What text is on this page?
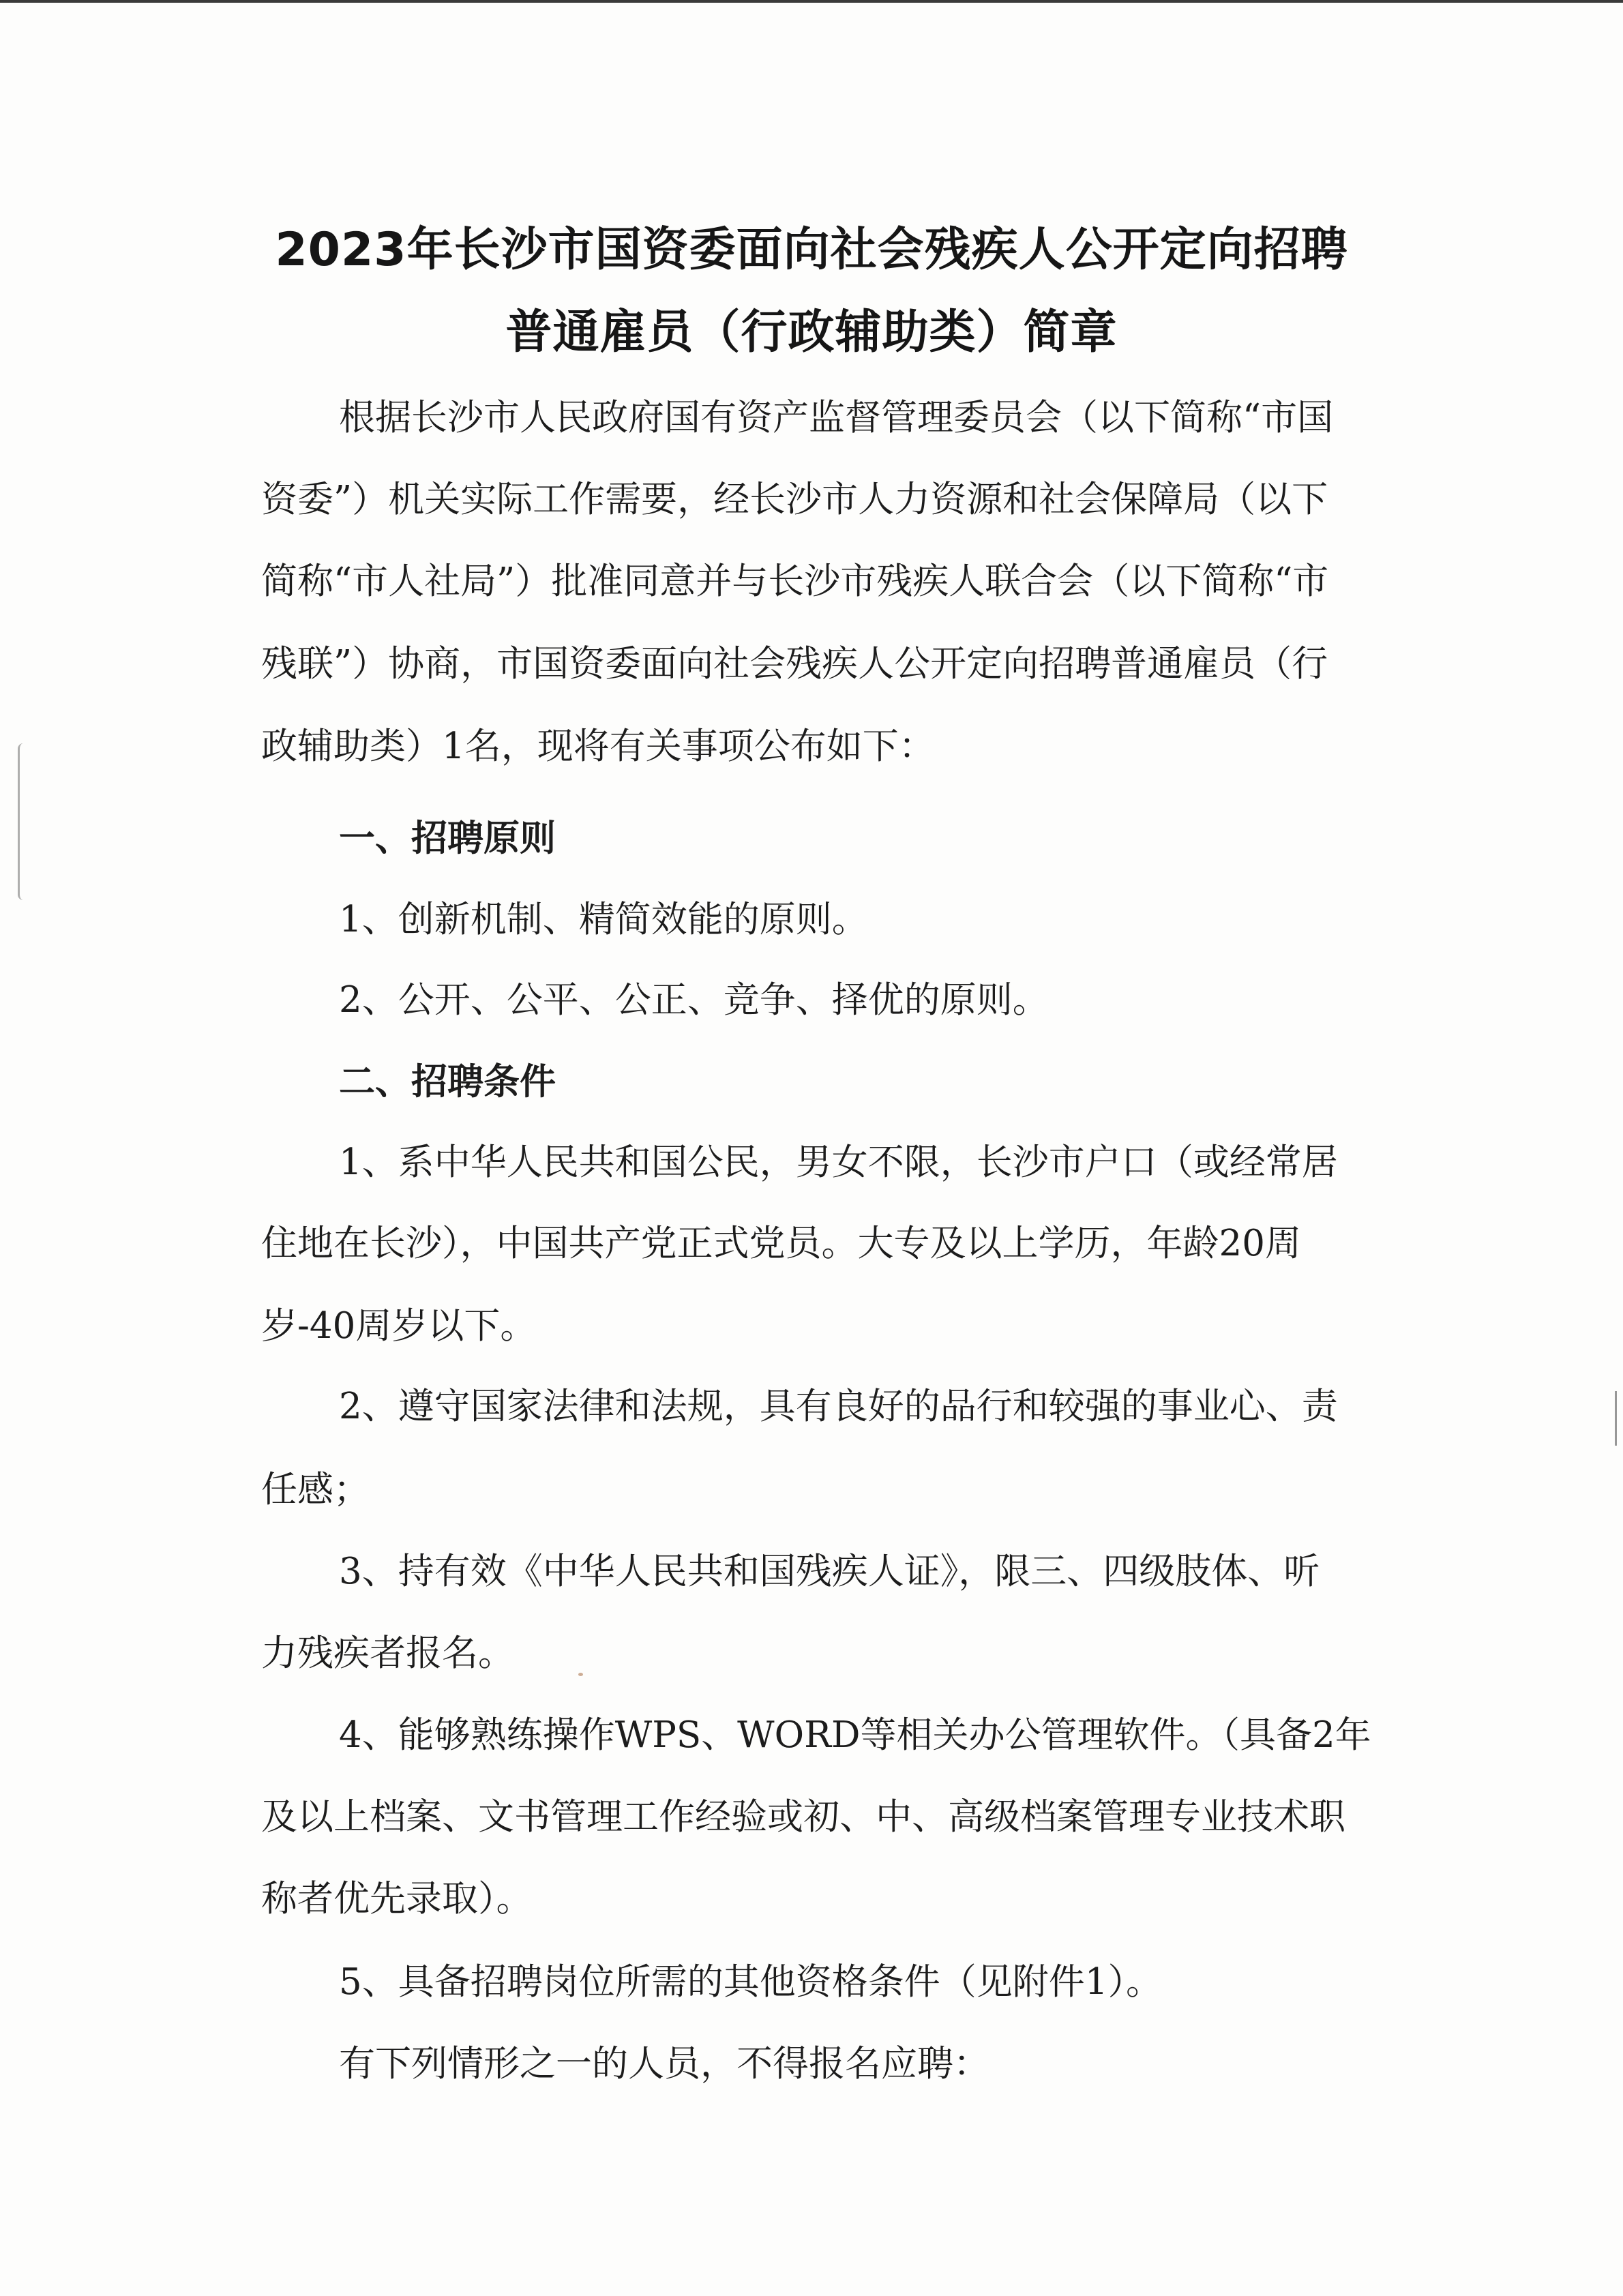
2023年长沙市国资委面向社会残疾人公开定向招聘
普通雇员（行政辅助类）简章
根据长沙市人民政府国有资产监督管理委员会（以下简称“市国
资委”）机关实际工作需要，经长沙市人力资源和社会保障局（以下
简称“市人社局”）批准同意并与长沙市残疾人联合会（以下简称“市
残联”）协商，市国资委面向社会残疾人公开定向招聘普通雇员（行
政辅助类）1名，现将有关事项公布如下：
一、招聘原则
1、创新机制、精简效能的原则。
2、公开、公平、公正、竞争、择优的原则。
二、招聘条件
1、系中华人民共和国公民，男女不限，长沙市户口（或经常居
住地在长沙），中国共产党正式党员。大专及以上学历，年龄20周
岁-40周岁以下。
2、遵守国家法律和法规，具有良好的品行和较强的事业心、责
任感；
3、持有效《中华人民共和国残疾人证》，限三、四级肢体、听
力残疾者报名。
4、能够熟练操作WPS、WORD等相关办公管理软件。（具备2年
及以上档案、文书管理工作经验或初、中、高级档案管理专业技术职
称者优先录取）。
5、具备招聘岗位所需的其他资格条件（见附件1）。
有下列情形之一的人员，不得报名应聘：
